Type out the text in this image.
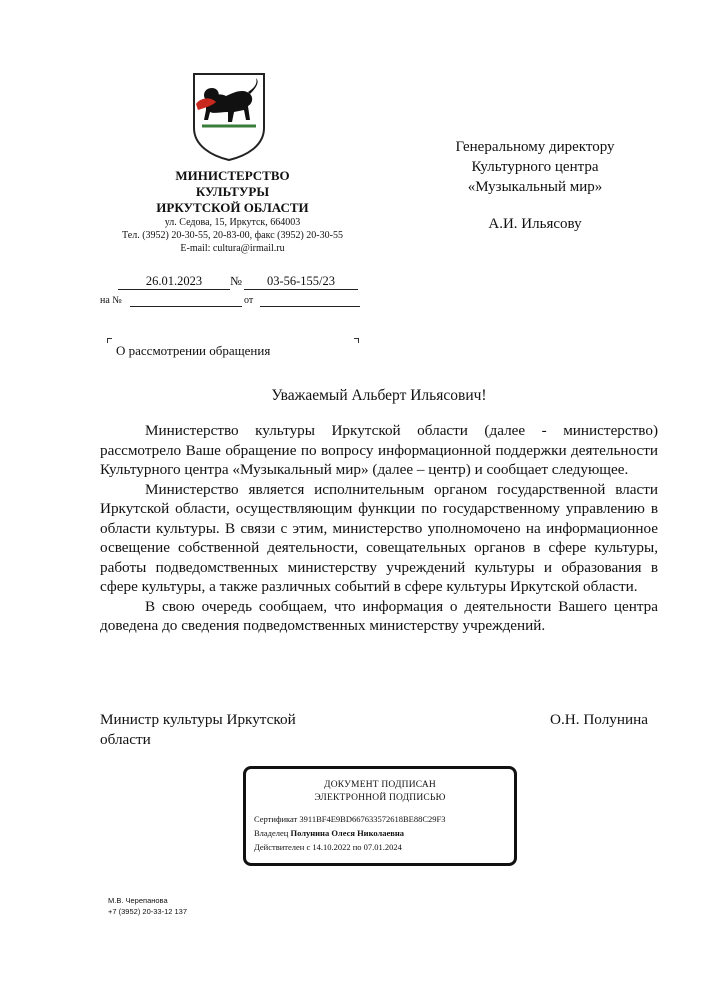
МИНИСТЕРСТВО
КУЛЬТУРЫ
ИРКУТСКОЙ ОБЛАСТИ
ул. Седова, 15, Иркутск, 664003
Тел. (3952) 20-30-55, 20-83-00, факс (3952) 20-30-55
E-mail: cultura@irmail.ru
26.01.2023	№	03-56-155/23
на №	от
О рассмотрении обращения
Генеральному директору
Культурного центра
«Музыкальный мир»
А.И. Ильясову
Уважаемый Альберт Ильясович!

Министерство культуры Иркутской области (далее - министерство) рассмотрело Ваше обращение по вопросу информационной поддержки деятельности Культурного центра «Музыкальный мир» (далее – центр) и сообщает следующее.

Министерство является исполнительным органом государственной власти Иркутской области, осуществляющим функции по государственному управлению в области культуры. В связи с этим, министерство уполномочено на информационное освещение собственной деятельности, совещательных органов в сфере культуры, работы подведомственных министерству учреждений культуры и образования в сфере культуры, а также различных событий в сфере культуры Иркутской области.

В свою очередь сообщаем, что информация о деятельности Вашего центра доведена до сведения подведомственных министерству учреждений.

Министр культуры Иркутской
области
О.Н. Полунина
ДОКУМЕНТ ПОДПИСАН
ЭЛЕКТРОННОЙ ПОДПИСЬЮ
Сертификат 3911BF4E9BD667633572618BE88C29F3
Владелец Полунина Олеся Николаевна
Действителен с 14.10.2022 по 07.01.2024
М.В. Черепанова
+7 (3952) 20-33-12 137
